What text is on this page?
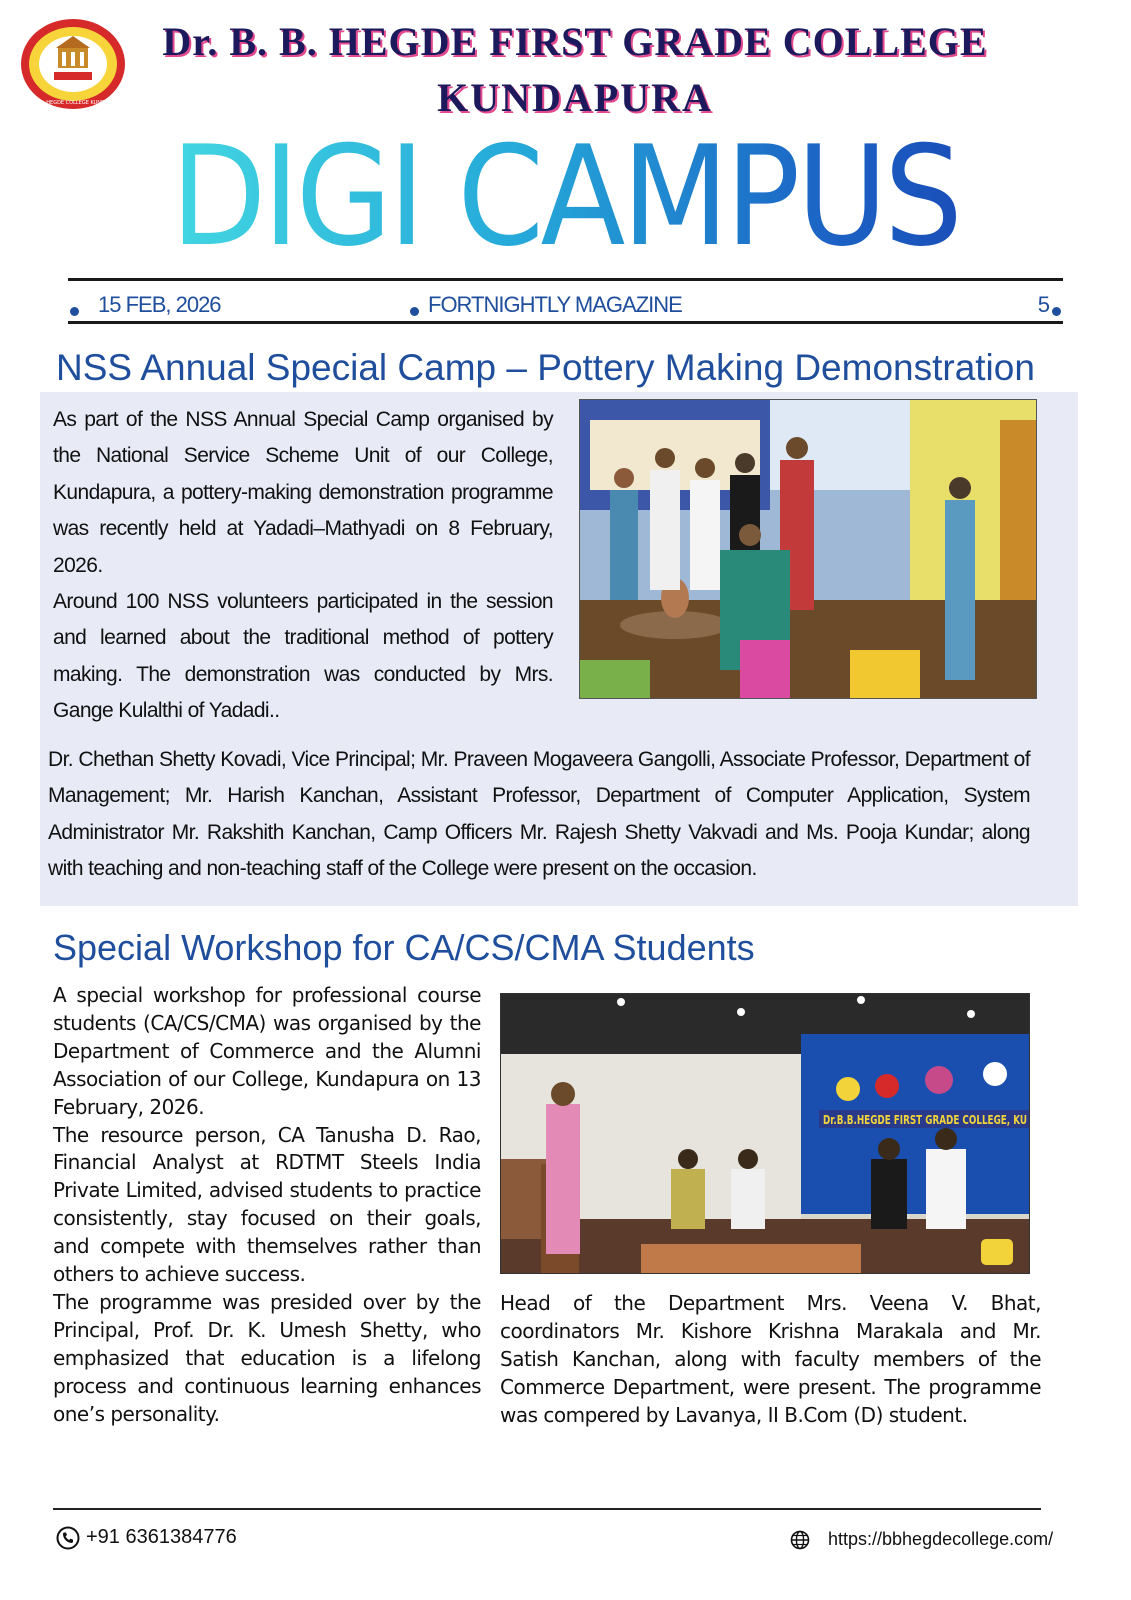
Dr. B. B. HEGDE COLLEGE KUNDAPURA
Dr. B. B. HEGDE FIRST GRADE COLLEGE
KUNDAPURA
DIGI CAMPUS
15 FEB, 2026	FORTNIGHTLY MAGAZINE	5
NSS Annual Special Camp – Pottery Making Demonstration

As part of the NSS Annual Special Camp organised by the National Service Scheme Unit of our College, Kundapura, a pottery-making demonstration programme was recently held at Yadadi–Mathyadi on 8 February, 2026.

Around 100 NSS volunteers participated in the session and learned about the traditional method of pottery making. The demonstration was conducted by Mrs. Gange Kulalthi of Yadadi..

Dr. Chethan Shetty Kovadi, Vice Principal; Mr. Praveen Mogaveera Gangolli, Associate Professor, Department of Management; Mr. Harish Kanchan, Assistant Professor, Department of Computer Application, System Administrator Mr. Rakshith Kanchan, Camp Officers Mr. Rajesh Shetty Vakvadi and Ms. Pooja Kundar; along with teaching and non-teaching staff of the College were present on the occasion.
Special Workshop for CA/CS/CMA Students

A special workshop for professional course students (CA/CS/CMA) was organised by the Department of Commerce and the Alumni Association of our College, Kundapura on 13 February, 2026.

The resource person, CA Tanusha D. Rao, Financial Analyst at RDTMT Steels India Private Limited, advised students to practice consistently, stay focused on their goals, and compete with themselves rather than others to achieve success.

The programme was presided over by the Principal, Prof. Dr. K. Umesh Shetty, who emphasized that education is a lifelong process and continuous learning enhances one’s personality.

Dr.B.B.HEGDE FIRST GRADE COLLEGE, KU

Head of the Department Mrs. Veena V. Bhat, coordinators Mr. Kishore Krishna Marakala and Mr. Satish Kanchan, along with faculty members of the Commerce Department, were present. The programme was compered by Lavanya, II B.Com (D) student.

+91 6361384776	https://bbhegdecollege.com/
